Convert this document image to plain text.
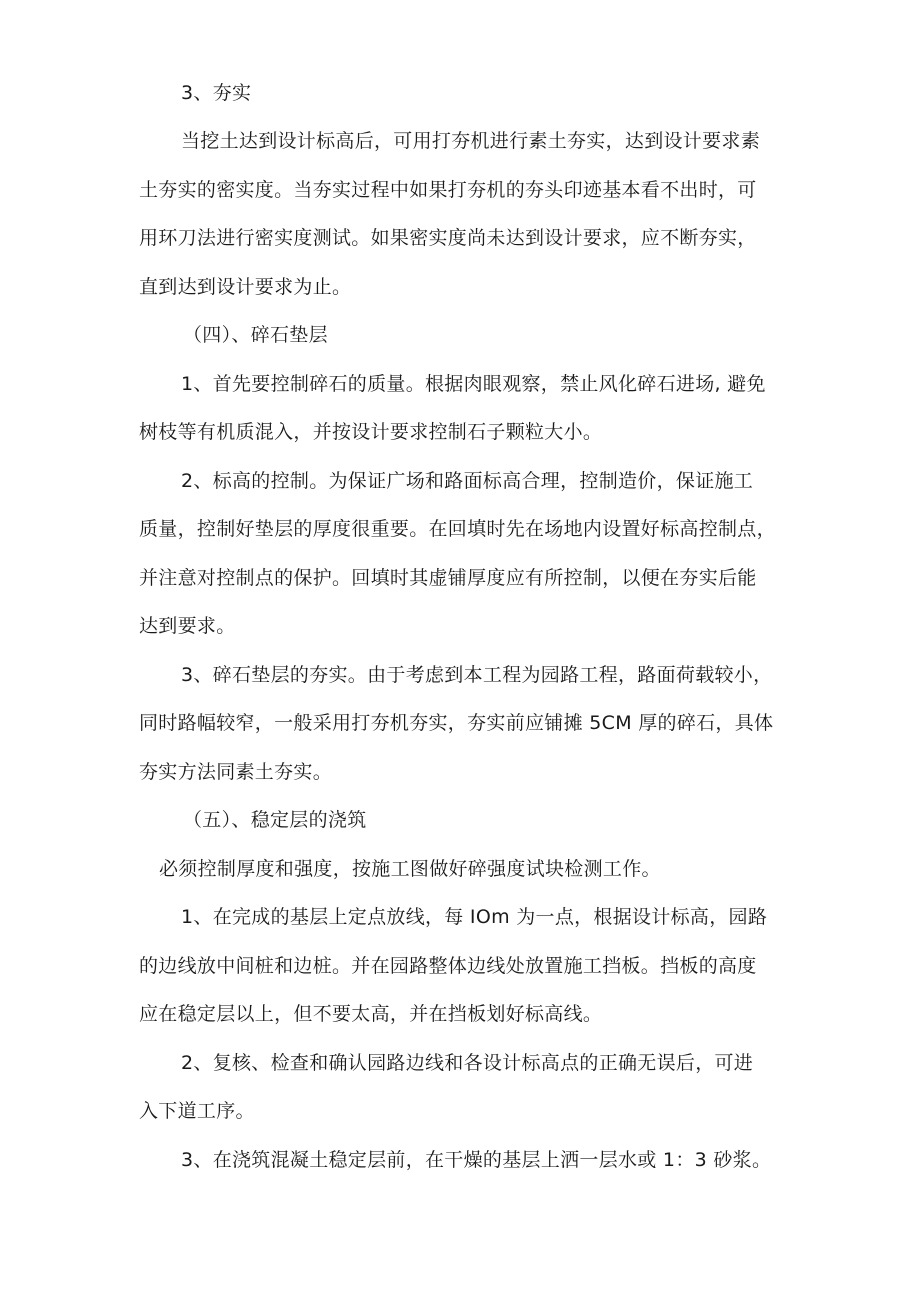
3、夯实
当挖土达到设计标高后，可用打夯机进行素土夯实，达到设计要求素
土夯实的密实度。当夯实过程中如果打夯机的夯头印迹基本看不出时，可
用环刀法进行密实度测试。如果密实度尚未达到设计要求，应不断夯实，
直到达到设计要求为止。
（四）、碎石垫层
1、首先要控制碎石的质量。根据肉眼观察，禁止风化碎石进场, 避免
树枝等有机质混入，并按设计要求控制石子颗粒大小。
2、标高的控制。为保证广场和路面标高合理，控制造价，保证施工
质量，控制好垫层的厚度很重要。在回填时先在场地内设置好标高控制点，
并注意对控制点的保护。回填时其虚铺厚度应有所控制，以便在夯实后能
达到要求。
3、碎石垫层的夯实。由于考虑到本工程为园路工程，路面荷载较小，
同时路幅较窄，一般采用打夯机夯实，夯实前应铺摊 5CM 厚的碎石，具体
夯实方法同素土夯实。
（五）、稳定层的浇筑
必须控制厚度和强度，按施工图做好碎强度试块检测工作。
1、在完成的基层上定点放线，每 IOm 为一点，根据设计标高，园路
的边线放中间桩和边桩。并在园路整体边线处放置施工挡板。挡板的高度
应在稳定层以上，但不要太高，并在挡板划好标高线。
2、复核、检查和确认园路边线和各设计标高点的正确无误后，可进
入下道工序。
3、在浇筑混凝土稳定层前，在干燥的基层上洒一层水或 1：3 砂浆。
